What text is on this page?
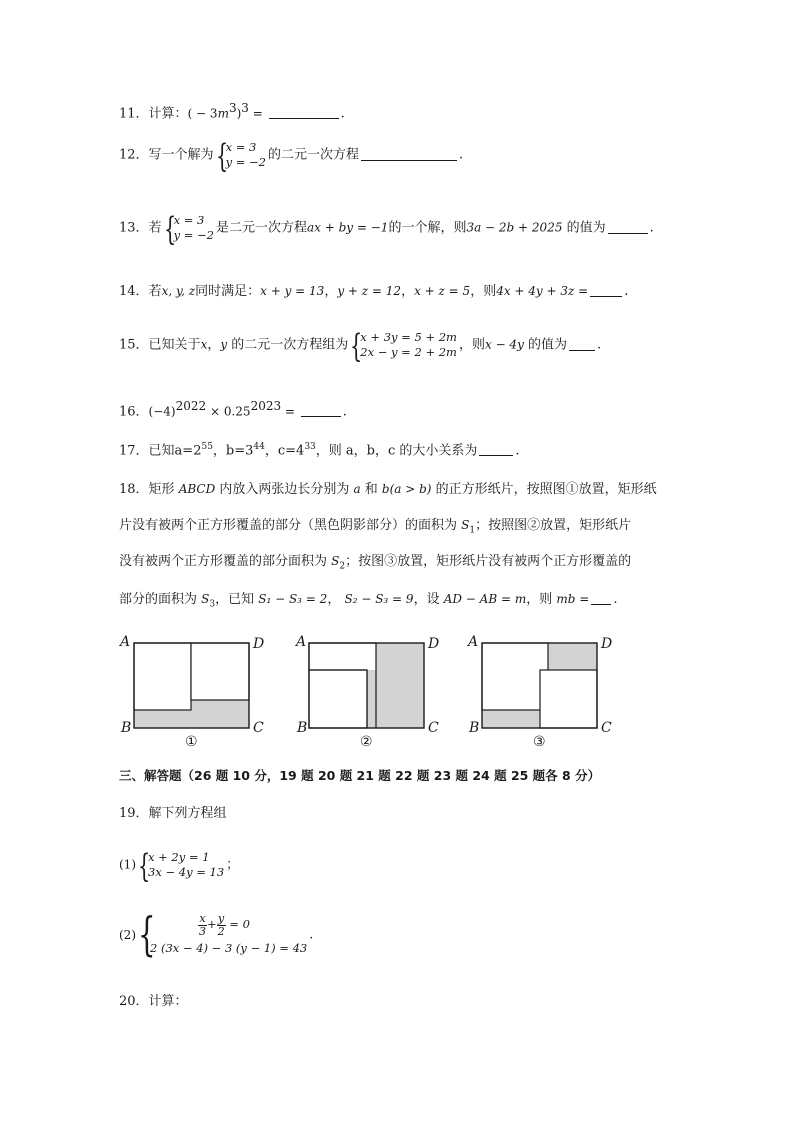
11．计算：( − $3m^3)^3$ =	.
12．写一个解为 {
x = 3
y = −2 的二元一次方程	.
13．若 {
x = 3
y = −2 是二元一次方程ax + by = −1的一个解，则3a − 2b + 2025 的值为	.
14．若x, y, z同时满足：x + y = 13，y + z = 12，x + z = 5，则4x + 4y + 3z =	.
15．已知关于x，y 的二元一次方程组为 {
x + 3y = 5 + 2m
2x − y = 2 + 2m ，则x − 4y 的值为 .
16．$(-4)^{2022} \times 0.25^{2023}$ =	.
17．已知$a=2^{55}$，$b=3^{44}$，$c=4^{33}$，则 a，b，c 的大小关系为	.
18．矩形 ABCD 内放入两张边长分别为 a 和 b(a > b) 的正方形纸片，按照图①放置，矩形纸
片没有被两个正方形覆盖的部分（黑色阴影部分）的面积为 $S_1$；按照图②放置，矩形纸片
没有被两个正方形覆盖的部分面积为 $S_2$；按图③放置，矩形纸片没有被两个正方形覆盖的
部分的面积为 $S_3$，已知 S₁ − S₃ = 2， S₂ − S₃ = 9，设 AD − AB = m，则 mb = .
A	D
B	C
①
A	D
B	C
②
A	D
B	C
③
三、解答题（26 题 10 分，19 题 20 题 21 题 22 题 23 题 24 题 25 题各 8 分）
19．解下列方程组
(1) {
x + 2y = 1
3x − 4y = 13 ；
(2) {	$\frac{x}{3} + \frac{y}{2} = 0$
2 (3x − 4) − 3 (y − 1) = 43
.
20．计算：
